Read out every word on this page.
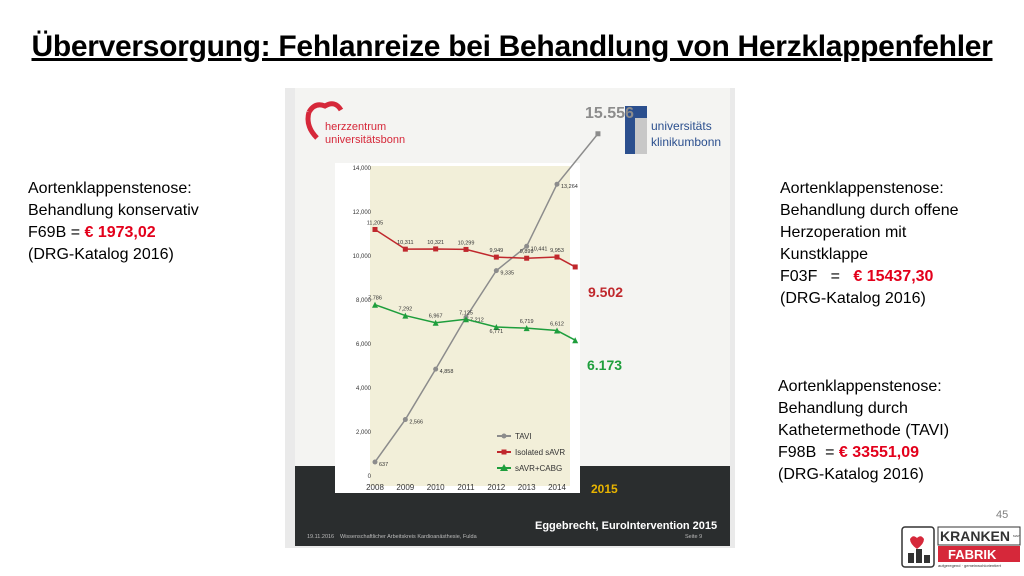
Überversorgung: Fehlanreize bei Behandlung von Herzklappenfehler
Aortenklappenstenose:
Behandlung konservativ
F69B = € 1973,02
(DRG-Katalog 2016)
Aortenklappenstenose:
Behandlung durch offene
Herzoperation mit
Kunstklappe
F03F   =   € 15437,30
(DRG-Katalog 2016)
Aortenklappenstenose:
Behandlung durch
Kathetermethode (TAVI)
F98B  = € 33551,09
(DRG-Katalog 2016)
herzzentrum
universitätsbonn
universitäts
klinikumbonn
0
2,000
4,000
6,000
8,000
10,000
12,000
14,000
2008 2009 2010 2011 2012 2013 2014
637
2,566
4,858
7,212
9,335
10,441
13,264
11,205
10,311 10,321 10,299
9,949	9,899	9,953
7,786
7,292
6,967
7,125
6,771
6,719	6,612
TAVI
Isolated sAVR
sAVR+CABG
15.556
9.502
6.173
2015
Eggebrecht, EuroIntervention 2015
19.11.2016 Wissenschaftlicher Arbeitskreis Kardioanästhesie, Fulda	Seite 9
45
KRANKEN
FABRIK
MAIN
aufgeregend · gemeinwohlorientiert
